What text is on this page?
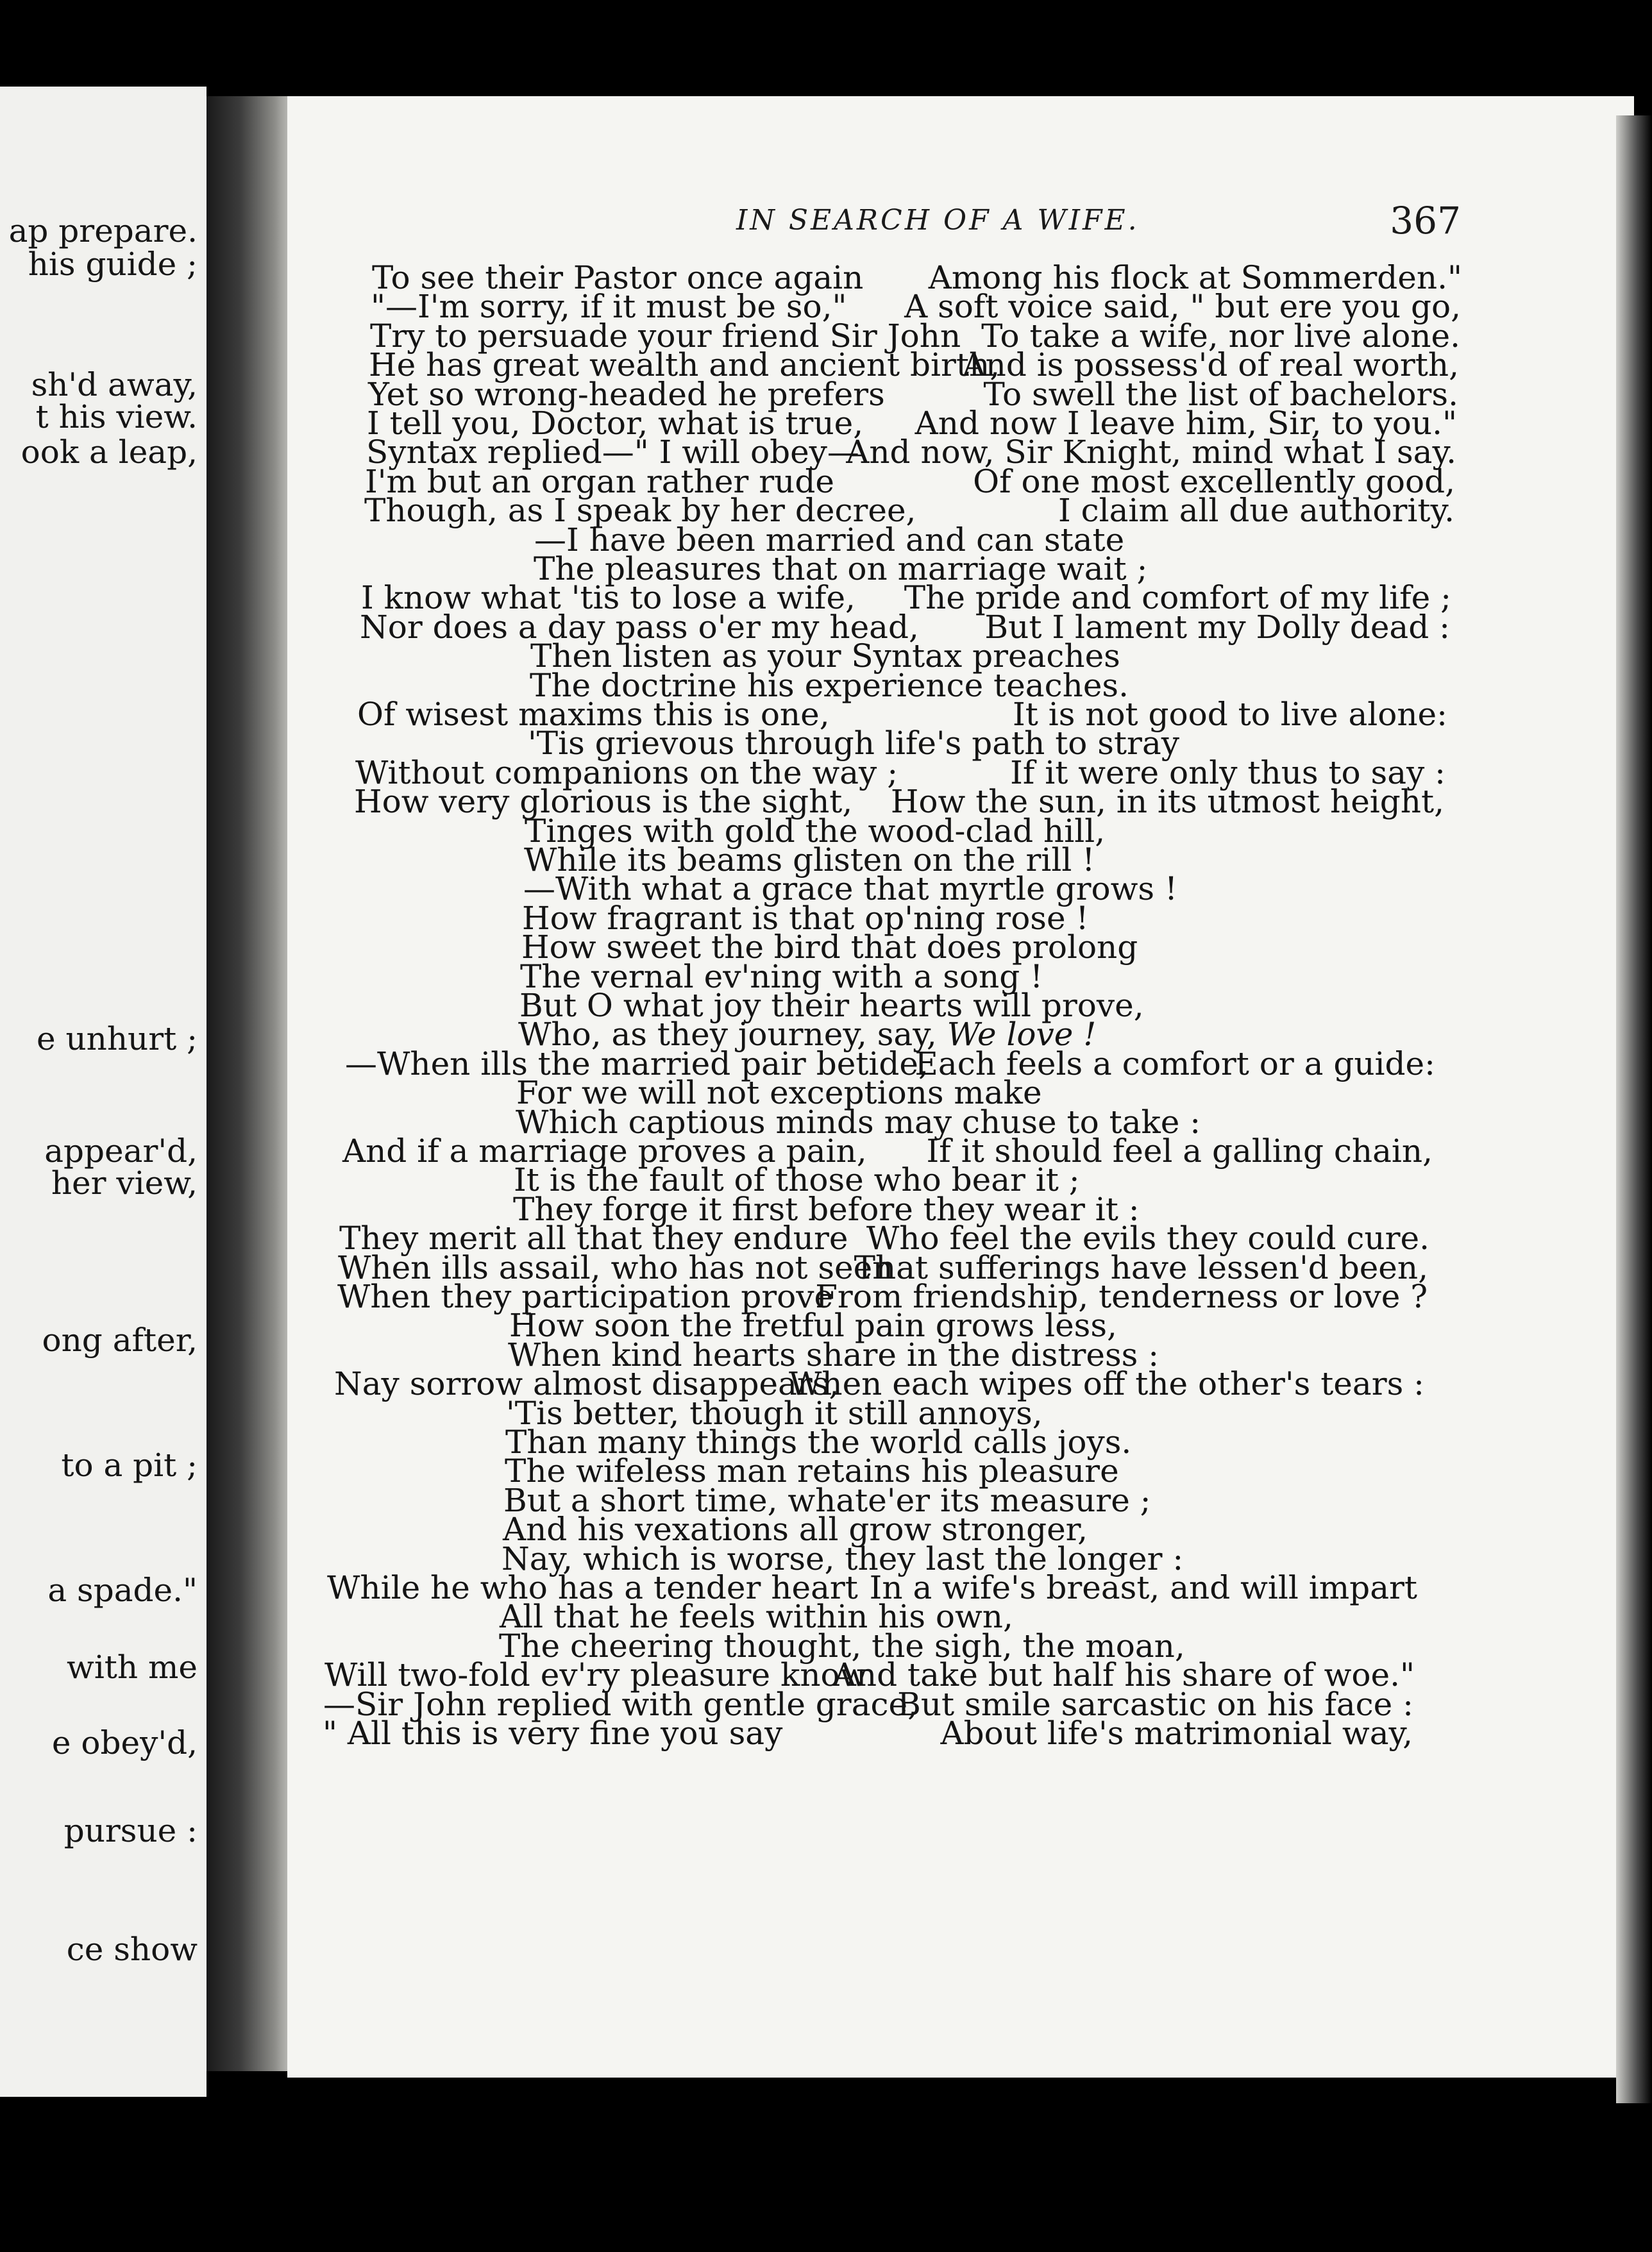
ap prepare.
his guide ;
sh'd away,
t his view.
ook a leap,
e unhurt ;
appear'd,
her view,
ong after,
to a pit ;
a spade."
with me
e obey'd,
pursue :
ce show
IN SEARCH OF A WIFE.	367
To see their Pastor once again Among his flock at Sommerden."
"—I'm sorry, if it must be so," A soft voice said, " but ere you go,
Try to persuade your friend Sir John To take a wife, nor live alone.
He has great wealth and ancient birth,
And is possess'd of real worth,
Yet so wrong-headed he prefers	To swell the list of bachelors.
I tell you, Doctor, what is true, And now I leave him, Sir, to you."
Syntax replied—" I will obey—
And now, Sir Knight, mind what I say.
I'm but an organ rather rude	Of one most excellently good,
Though, as I speak by her decree,	I claim all due authority.
—I have been married and can state
The pleasures that on marriage wait ;
I know what 'tis to lose a wife, The pride and comfort of my life ;
Nor does a day pass o'er my head, But I lament my Dolly dead :
Then listen as your Syntax preaches
The doctrine his experience teaches.
Of wisest maxims this is one,	It is not good to live alone:
'Tis grievous through life's path to stray
Without companions on the way ;	If it were only thus to say :
How very glorious is the sight, How the sun, in its utmost height,
Tinges with gold the wood-clad hill,
While its beams glisten on the rill !
—With what a grace that myrtle grows !
How fragrant is that op'ning rose !
How sweet the bird that does prolong
The vernal ev'ning with a song !
But O what joy their hearts will prove,
Who, as they journey, say, We love !
—When ills the married pair betide,
Each feels a comfort or a guide:
For we will not exceptions make
Which captious minds may chuse to take :
And if a marriage proves a pain, If it should feel a galling chain,
It is the fault of those who bear it ;
They forge it first before they wear it :
They merit all that they endure Who feel the evils they could cure.
When ills assail, who has not seen
That sufferings have lessen'd been,
When they participation prove
From friendship, tenderness or love ?
How soon the fretful pain grows less,
When kind hearts share in the distress :
Nay sorrow almost disappears,
When each wipes off the other's tears :
'Tis better, though it still annoys,
Than many things the world calls joys.
The wifeless man retains his pleasure
But a short time, whate'er its measure ;
And his vexations all grow stronger,
Nay, which is worse, they last the longer :
While he who has a tender heart In a wife's breast, and will impart
All that he feels within his own,
The cheering thought, the sigh, the moan,
Will two-fold ev'ry pleasure know
And take but half his share of woe."
—Sir John replied with gentle grace,
But smile sarcastic on his face :
" All this is very fine you say	About life's matrimonial way,
